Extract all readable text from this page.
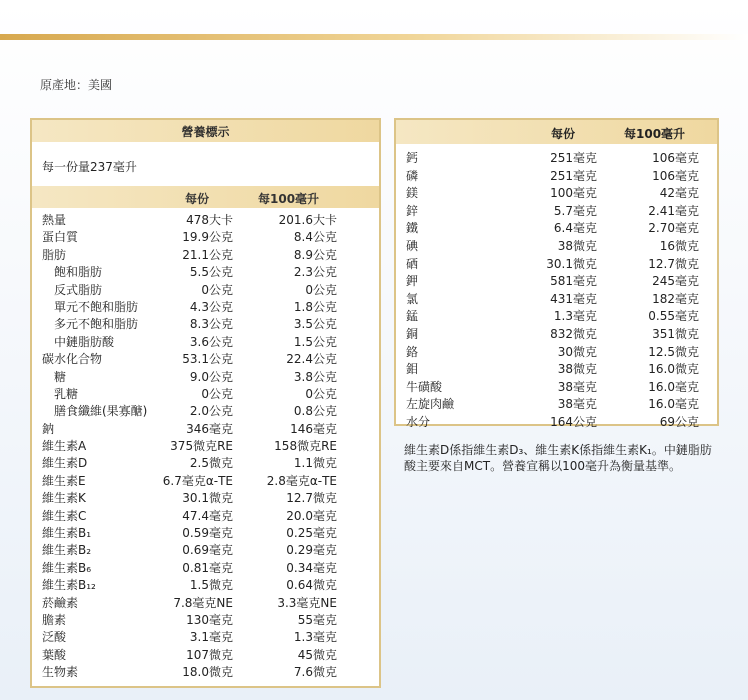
原產地：美國
營養標示
每一份量237毫升
每份	每100毫升
熱量	478大卡	201.6大卡
蛋白質	19.9公克	8.4公克
脂肪	21.1公克	8.9公克
飽和脂肪	5.5公克	2.3公克
反式脂肪	0公克	0公克
單元不飽和脂肪	4.3公克	1.8公克
多元不飽和脂肪	8.3公克	3.5公克
中鏈脂肪酸	3.6公克	1.5公克
碳水化合物	53.1公克	22.4公克
糖	9.0公克	3.8公克
乳糖	0公克	0公克
膳食纖維(果寡醣)	2.0公克	0.8公克
鈉	346毫克	146毫克
維生素A	375微克RE	158微克RE
維生素D	2.5微克	1.1微克
維生素E	6.7毫克α-TE	2.8毫克α-TE
維生素K	30.1微克	12.7微克
維生素C	47.4毫克	20.0毫克
維生素B₁	0.59毫克	0.25毫克
維生素B₂	0.69毫克	0.29毫克
維生素B₆	0.81毫克	0.34毫克
維生素B₁₂	1.5微克	0.64微克
菸鹼素	7.8毫克NE	3.3毫克NE
膽素	130毫克	55毫克
泛酸	3.1毫克	1.3毫克
葉酸	107微克	45微克
生物素	18.0微克	7.6微克
每份	每100毫升
鈣	251毫克	106毫克
磷	251毫克	106毫克
鎂	100毫克	42毫克
鋅	5.7毫克	2.41毫克
鐵	6.4毫克	2.70毫克
碘	38微克	16微克
硒	30.1微克	12.7微克
鉀	581毫克	245毫克
氯	431毫克	182毫克
錳	1.3毫克	0.55毫克
銅	832微克	351微克
鉻	30微克	12.5微克
鉬	38微克	16.0微克
牛磺酸	38毫克	16.0毫克
左旋肉鹼	38毫克	16.0毫克
水分	164公克	69公克
維生素D係指維生素D₃、維生素K係指維生素K₁。中鏈脂肪酸主要來自MCT。營養宣稱以100毫升為衡量基準。
